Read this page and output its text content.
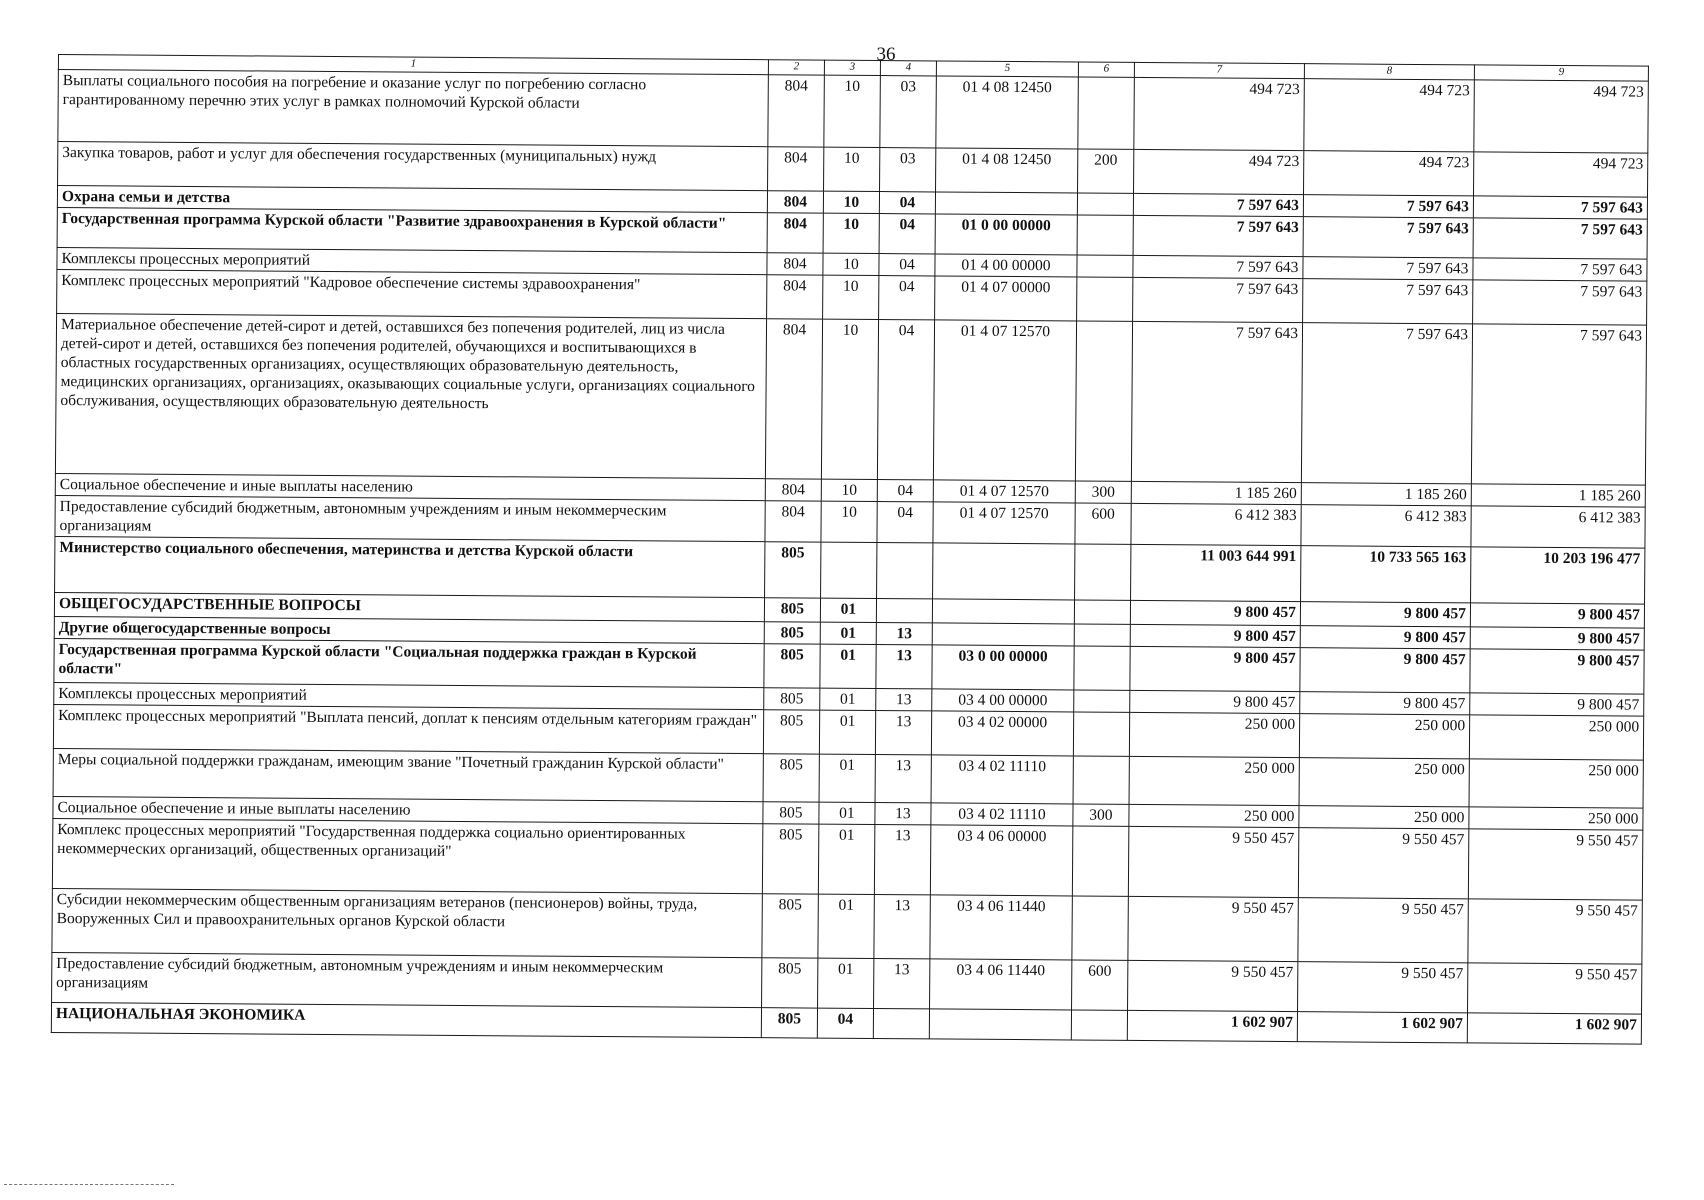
36
1	2	3	4	5	6	7	8	9
Выплаты социального пособия на погребение и оказание услуг по погребению согласно гарантированному перечню этих услуг в рамках полномочий Курской области	804	10	03	01 4 08 12450		494 723	494 723	494 723
Закупка товаров, работ и услуг для обеспечения государственных (муниципальных) нужд	804	10	03	01 4 08 12450	200	494 723	494 723	494 723
Охрана семьи и детства	804	10	04			7 597 643	7 597 643	7 597 643
Государственная программа Курской области "Развитие здравоохранения в Курской области"	804	10	04	01 0 00 00000		7 597 643	7 597 643	7 597 643
Комплексы процессных мероприятий	804	10	04	01 4 00 00000		7 597 643	7 597 643	7 597 643
Комплекс процессных мероприятий "Кадровое обеспечение системы здравоохранения"	804	10	04	01 4 07 00000		7 597 643	7 597 643	7 597 643
Материальное обеспечение детей-сирот и детей, оставшихся без попечения родителей, лиц из числа детей-сирот и детей, оставшихся без попечения родителей, обучающихся и воспитывающихся в областных государственных организациях, осуществляющих образовательную деятельность, медицинских организациях, организациях, оказывающих социальные услуги, организациях социального обслуживания, осуществляющих образовательную деятельность	804	10	04	01 4 07 12570		7 597 643	7 597 643	7 597 643
Социальное обеспечение и иные выплаты населению	804	10	04	01 4 07 12570	300	1 185 260	1 185 260	1 185 260
Предоставление субсидий бюджетным, автономным учреждениям и иным некоммерческим организациям	804	10	04	01 4 07 12570	600	6 412 383	6 412 383	6 412 383
Министерство социального обеспечения, материнства и детства Курской области	805					11 003 644 991	10 733 565 163	10 203 196 477
ОБЩЕГОСУДАРСТВЕННЫЕ ВОПРОСЫ	805	01				9 800 457	9 800 457	9 800 457
Другие общегосударственные вопросы	805	01	13			9 800 457	9 800 457	9 800 457
Государственная программа Курской области "Социальная поддержка граждан в Курской области"	805	01	13	03 0 00 00000		9 800 457	9 800 457	9 800 457
Комплексы процессных мероприятий	805	01	13	03 4 00 00000		9 800 457	9 800 457	9 800 457
Комплекс процессных мероприятий "Выплата пенсий, доплат к пенсиям отдельным категориям граждан"	805	01	13	03 4 02 00000		250 000	250 000	250 000
Меры социальной поддержки гражданам, имеющим звание "Почетный гражданин Курской области"	805	01	13	03 4 02 11110		250 000	250 000	250 000
Социальное обеспечение и иные выплаты населению	805	01	13	03 4 02 11110	300	250 000	250 000	250 000
Комплекс процессных мероприятий "Государственная поддержка социально ориентированных некоммерческих организаций, общественных организаций"	805	01	13	03 4 06 00000		9 550 457	9 550 457	9 550 457
Субсидии некоммерческим общественным организациям ветеранов (пенсионеров) войны, труда, Вооруженных Сил и правоохранительных органов Курской области	805	01	13	03 4 06 11440		9 550 457	9 550 457	9 550 457
Предоставление субсидий бюджетным, автономным учреждениям и иным некоммерческим организациям	805	01	13	03 4 06 11440	600	9 550 457	9 550 457	9 550 457
НАЦИОНАЛЬНАЯ ЭКОНОМИКА	805	04				1 602 907	1 602 907	1 602 907
